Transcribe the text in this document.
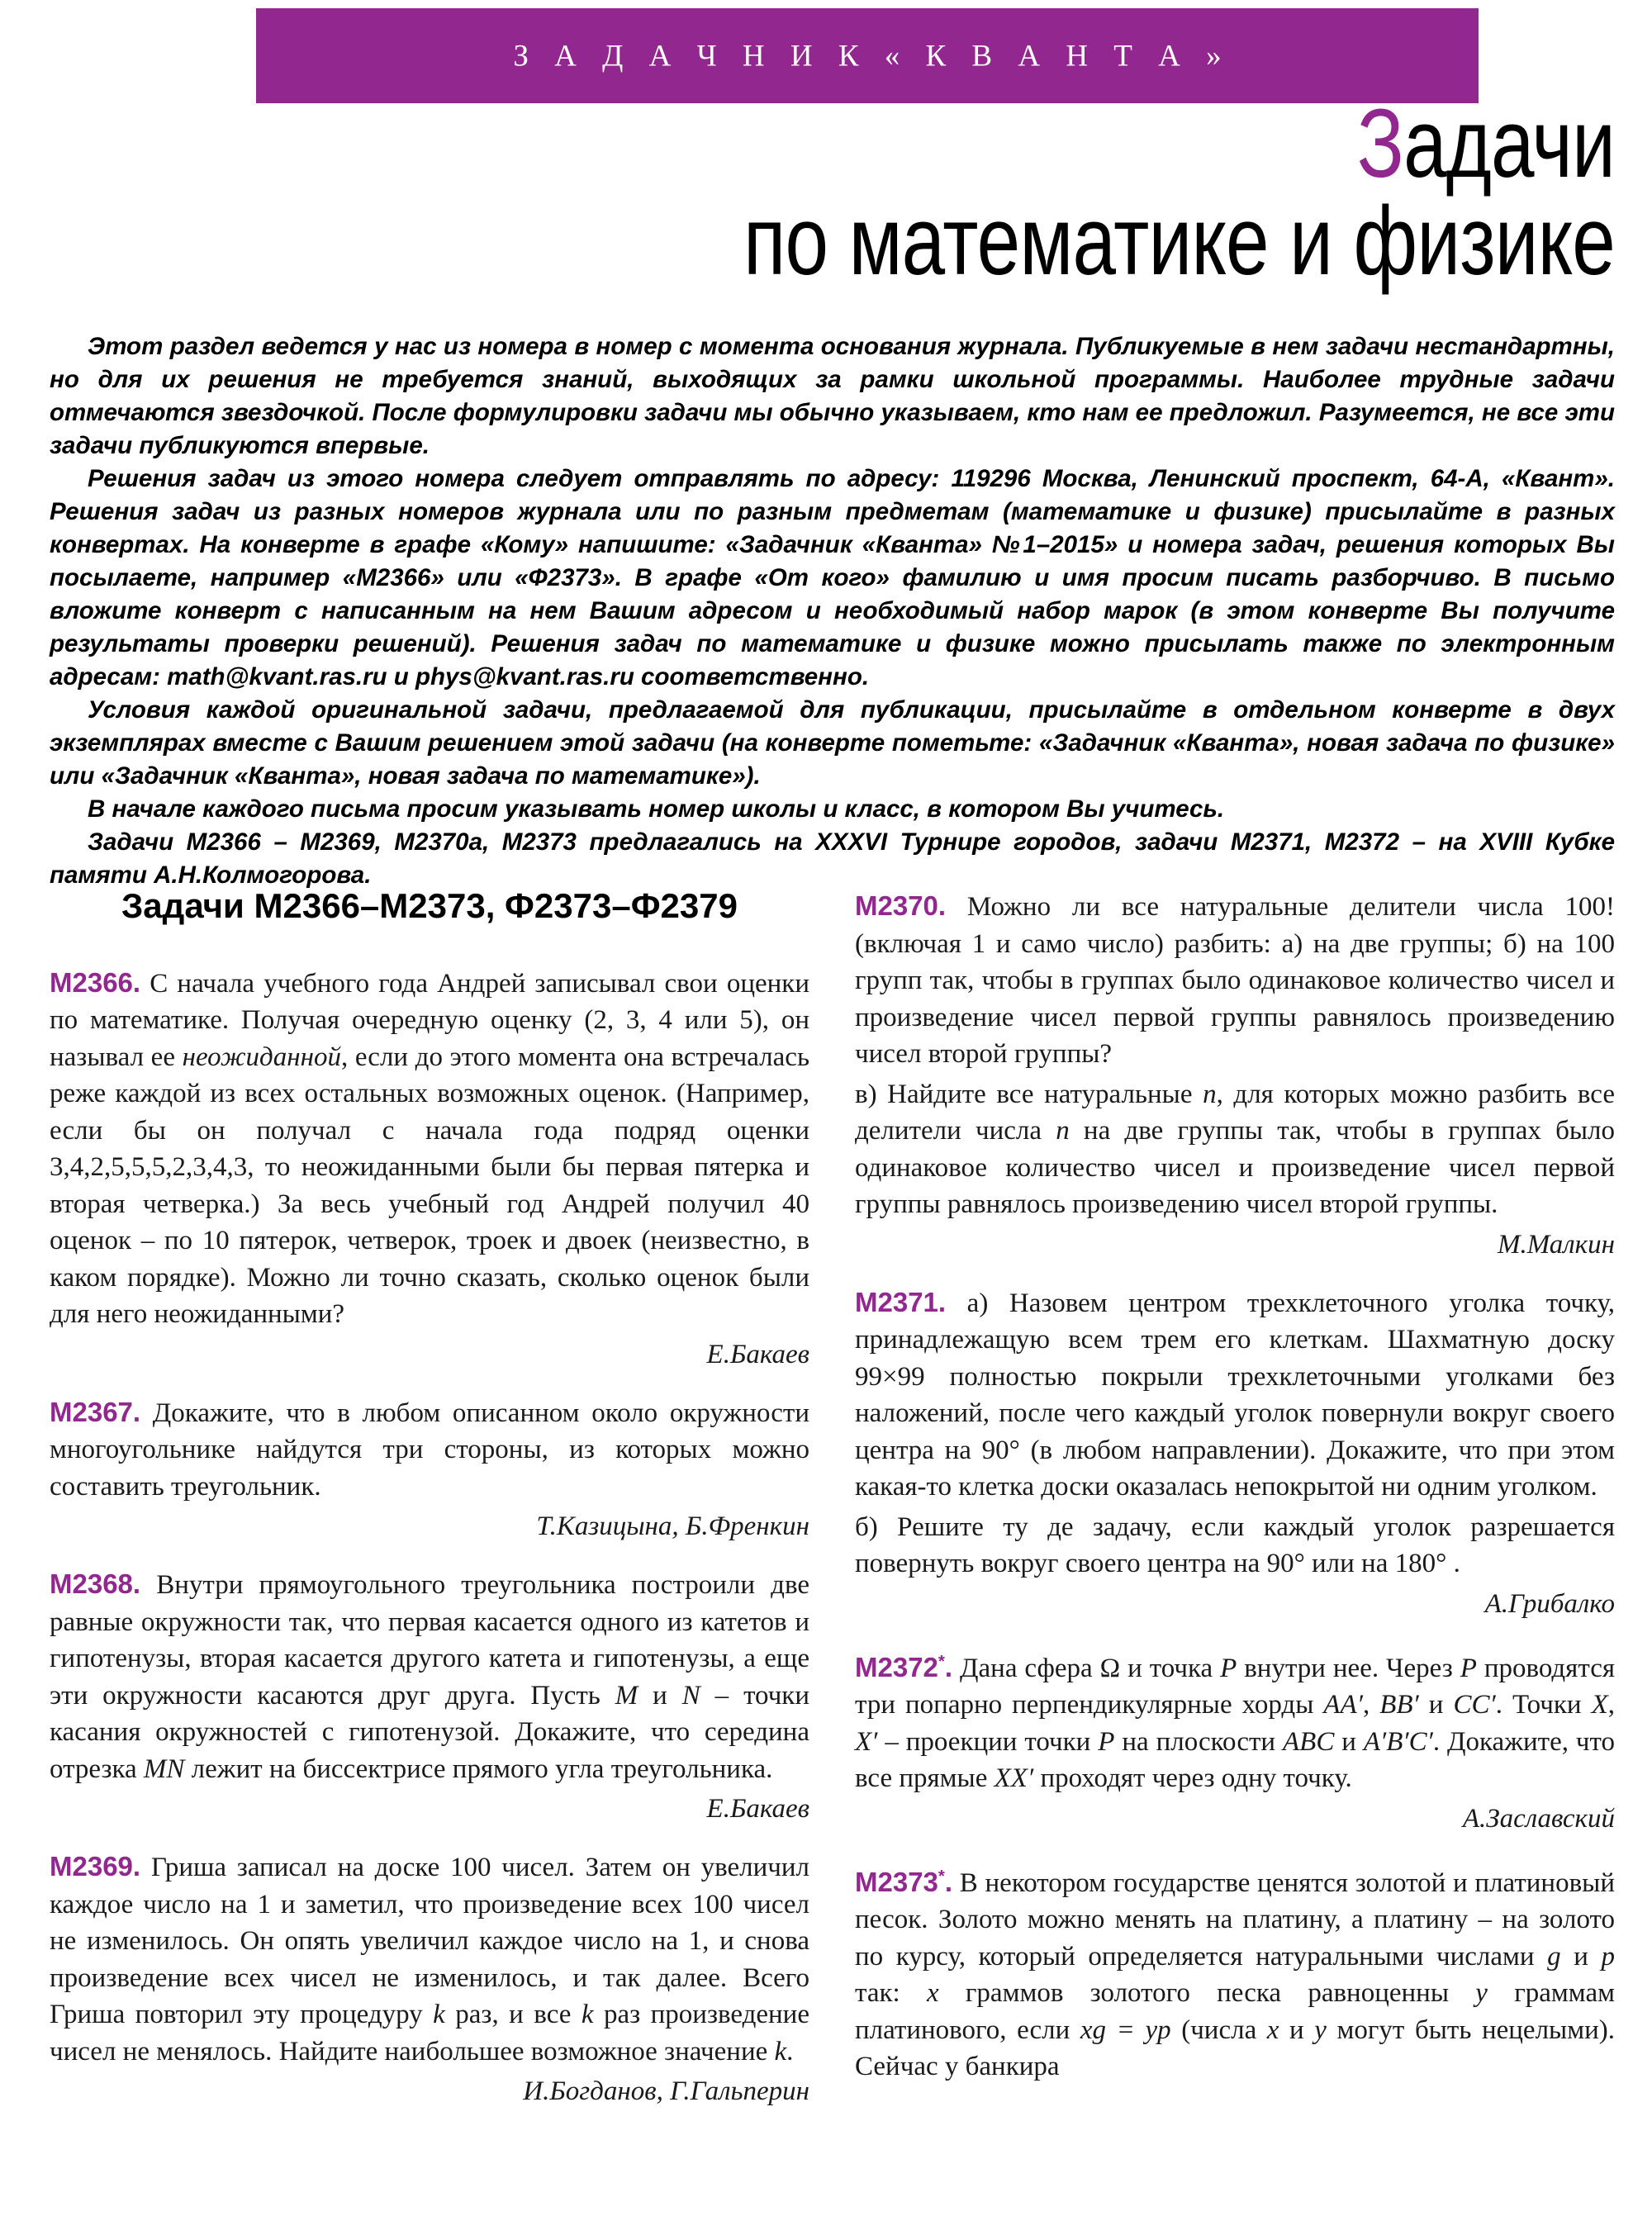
З А Д А Ч Н И К « К В А Н Т А »
Задачи
по математике и физике

Этот раздел ведется у нас из номера в номер с момента основания журнала. Публикуемые в нем задачи нестандартны, но для их решения не требуется знаний, выходящих за рамки школьной программы. Наиболее трудные задачи отмечаются звездочкой. После формулировки задачи мы обычно указываем, кто нам ее предложил. Разумеется, не все эти задачи публикуются впервые.

Решения задач из этого номера следует отправлять по адресу: 119296 Москва, Ленинский проспект, 64-А, «Квант». Решения задач из разных номеров журнала или по разным предметам (математике и физике) присылайте в разных конвертах. На конверте в графе «Кому» напишите: «Задачник «Кванта» №1–2015» и номера задач, решения которых Вы посылаете, например «М2366» или «Ф2373». В графе «От кого» фамилию и имя просим писать разборчиво. В письмо вложите конверт с написанным на нем Вашим адресом и необходимый набор марок (в этом конверте Вы получите результаты проверки решений). Решения задач по математике и физике можно присылать также по электронным адресам: math@kvant.ras.ru и phys@kvant.ras.ru соответственно.

Условия каждой оригинальной задачи, предлагаемой для публикации, присылайте в отдельном конверте в двух экземплярах вместе с Вашим решением этой задачи (на конверте пометьте: «Задачник «Кванта», новая задача по физике» или «Задачник «Кванта», новая задача по математике»).

В начале каждого письма просим указывать номер школы и класс, в котором Вы учитесь.

Задачи М2366 – М2369, М2370а, М2373 предлагались на XXXVI Турнире городов, задачи М2371, М2372 – на XVIII Кубке памяти А.Н.Колмогорова.

Задачи М2366–М2373, Ф2373–Ф2379

M2366. С начала учебного года Андрей записывал свои оценки по математике. Получая очередную оценку (2, 3, 4 или 5), он называл ее неожиданной, если до этого момента она встречалась реже каждой из всех остальных возможных оценок. (Например, если бы он получал с начала года подряд оценки 3,4,2,5,5,5,2,3,4,3, то неожиданными были бы первая пятерка и вторая четверка.) За весь учебный год Андрей получил 40 оценок – по 10 пятерок, четверок, троек и двоек (неизвестно, в каком порядке). Можно ли точно сказать, сколько оценок были для него неожиданными?

Е.Бакаев

M2367. Докажите, что в любом описанном около окружности многоугольнике найдутся три стороны, из которых можно составить треугольник.

Т.Казицына, Б.Френкин

M2368. Внутри прямоугольного треугольника построили две равные окружности так, что первая касается одного из катетов и гипотенузы, вторая касается другого катета и гипотенузы, а еще эти окружности касаются друг друга. Пусть M и N – точки касания окружностей с гипотенузой. Докажите, что середина отрезка MN лежит на биссектрисе прямого угла треугольника.

Е.Бакаев

M2369. Гриша записал на доске 100 чисел. Затем он увеличил каждое число на 1 и заметил, что произведение всех 100 чисел не изменилось. Он опять увеличил каждое число на 1, и снова произведение всех чисел не изменилось, и так далее. Всего Гриша повторил эту процедуру k раз, и все k раз произведение чисел не менялось. Найдите наибольшее возможное значение k.

И.Богданов, Г.Гальперин

M2370. Можно ли все натуральные делители числа 100! (включая 1 и само число) разбить: а) на две группы; б) на 100 групп так, чтобы в группах было одинаковое количество чисел и произведение чисел первой группы равнялось произведению чисел второй группы?

в) Найдите все натуральные n, для которых можно разбить все делители числа n на две группы так, чтобы в группах было одинаковое количество чисел и произведение чисел первой группы равнялось произведению чисел второй группы.

М.Малкин

M2371. а) Назовем центром трехклеточного уголка точку, принадлежащую всем трем его клеткам. Шахматную доску 99×99 полностью покрыли трехклеточными уголками без наложений, после чего каждый уголок повернули вокруг своего центра на 90° (в любом направлении). Докажите, что при этом какая-то клетка доски оказалась непокрытой ни одним уголком.

б) Решите ту де задачу, если каждый уголок разрешается повернуть вокруг своего центра на 90° или на 180° .

А.Грибалко

M2372*. Дана сфера Ω и точка P внутри нее. Через P проводятся три попарно перпендикулярные хорды AA′, BB′ и CC′. Точки X, X′ – проекции точки P на плоскости ABC и A′B′C′. Докажите, что все прямые XX′ проходят через одну точку.

А.Заславский

M2373*. В некотором государстве ценятся золотой и платиновый песок. Золото можно менять на платину, а платину – на золото по курсу, который определяется натуральными числами g и p так: x граммов золотого песка равноценны y граммам платинового, если xg = yp (числа x и y могут быть нецелыми). Сейчас у банкира
